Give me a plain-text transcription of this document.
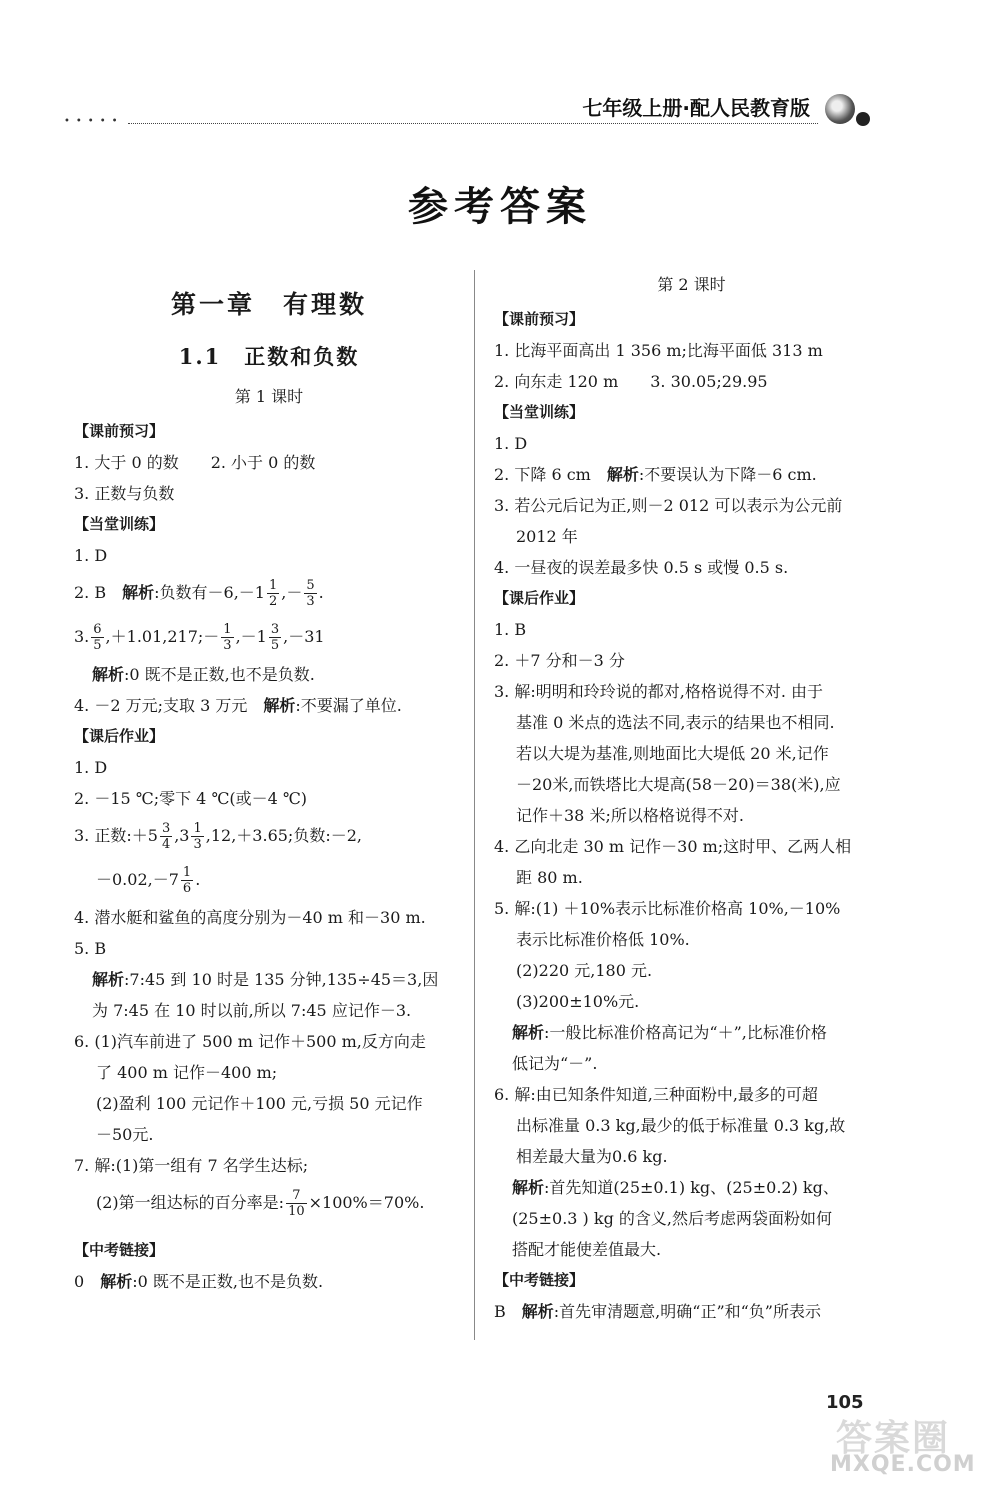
•••••
七年级上册·配人民教育版
参考答案
第一章　有理数
1.1　正数和负数
第 1 课时
【课前预习】
1. 大于 0 的数　　2. 小于 0 的数
3. 正数与负数
【当堂训练】
1. D
2. B　解析:负数有$-6,-1 \frac{1}{2}$ ,－ $\frac{5}{3}$ .
3. $\frac{6}{5}$ ,＋1.01,217;－ $\frac{1}{3} ,-1 \frac{3}{5} ,-31$
解析:0 既不是正数,也不是负数.
4. －2 万元;支取 3 万元　解析:不要漏了单位.
【课后作业】
1. D
2. －15 ℃;零下 4 ℃(或－4 ℃)
3. 正数:＋5 $\frac{3}{4} ,3 \frac{1}{3} ,12,+3.65$;负数:－2,
$-0.02,-7 \frac{1}{6}$ .
4. 潜水艇和鲨鱼的高度分别为－40 m 和－30 m.
5. B
解析:7:45 到 10 时是 135 分钟,135÷45＝3,因
为 7:45 在 10 时以前,所以 7:45 应记作－3.
6. (1)汽车前进了 500 m 记作＋500 m,反方向走
了 400 m 记作－400 m;
(2)盈利 100 元记作＋100 元,亏损 50 元记作
－50元.
7. 解:(1)第一组有 7 名学生达标;
(2)第一组达标的百分率是: $\frac{7}{10} \times 100\%=70\%$.
【中考链接】
0　解析:0 既不是正数,也不是负数.
第 2 课时
【课前预习】
1. 比海平面高出 1 356 m;比海平面低 313 m
2. 向东走 120 m　　3. 30.05;29.95
【当堂训练】
1. D
2. 下降 6 cm　解析:不要误认为下降－6 cm.
3. 若公元后记为正,则－2 012 可以表示为公元前
2012 年
4. 一昼夜的误差最多快 0.5 s 或慢 0.5 s.
【课后作业】
1. B
2. ＋7 分和－3 分
3. 解:明明和玲玲说的都对,格格说得不对. 由于
基准 0 米点的选法不同,表示的结果也不相同.
若以大堤为基准,则地面比大堤低 20 米,记作
－20米,而铁塔比大堤高(58－20)＝38(米),应
记作＋38 米;所以格格说得不对.
4. 乙向北走 30 m 记作－30 m;这时甲、乙两人相
距 80 m.
5. 解:(1) ＋10%表示比标准价格高 10%,－10%
表示比标准价格低 10%.
(2)220 元,180 元.
(3)200±10%元.
解析:一般比标准价格高记为“＋”,比标准价格
低记为“－”.
6. 解:由已知条件知道,三种面粉中,最多的可超
出标准量 0.3 kg,最少的低于标准量 0.3 kg,故
相差最大量为0.6 kg.
解析:首先知道(25±0.1) kg、(25±0.2) kg、
(25±0.3 ) kg 的含义,然后考虑两袋面粉如何
搭配才能使差值最大.
【中考链接】
B　解析:首先审清题意,明确“正”和“负”所表示
105
答案圈
MXQE.COM
